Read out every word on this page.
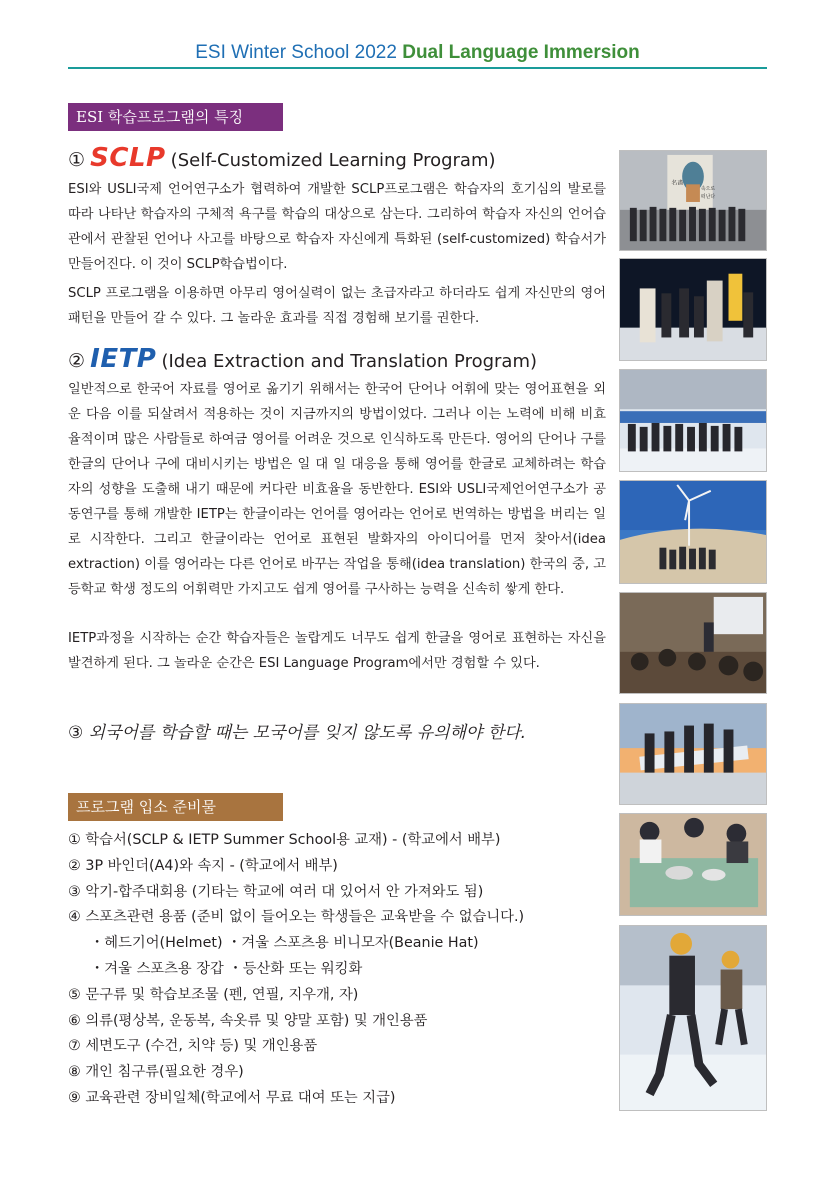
ESI Winter School 2022 Dual Language Immersion
ESI 학습프로그램의 특징
① SCLP (Self-Customized Learning Program)

ESI와 USLI국제 언어연구소가 협력하여 개발한 SCLP프로그램은 학습자의 호기심의 발로를 따라 나타난 학습자의 구체적 욕구를 학습의 대상으로 삼는다. 그리하여 학습자 자신의 언어습관에서 관찰된 언어나 사고를 바탕으로 학습자 자신에게 특화된 (self-customized) 학습서가 만들어진다. 이 것이 SCLP학습법이다.

SCLP 프로그램을 이용하면 아무리 영어실력이 없는 초급자라고 하더라도 쉽게 자신만의 영어패턴을 만들어 갈 수 있다. 그 놀라운 효과를 직접 경험해 보기를 권한다.

② IETP (Idea Extraction and Translation Program)

일반적으로 한국어 자료를 영어로 옮기기 위해서는 한국어 단어나 어휘에 맞는 영어표현을 외운 다음 이를 되살려서 적용하는 것이 지금까지의 방법이었다. 그러나 이는 노력에 비해 비효율적이며 많은 사람들로 하여금 영어를 어려운 것으로 인식하도록 만든다. 영어의 단어나 구를 한글의 단어나 구에 대비시키는 방법은 일 대 일 대응을 통해 영어를 한글로 교체하려는 학습자의 성향을 도출해 내기 때문에 커다란 비효율을 동반한다. ESI와 USLI국제언어연구소가 공동연구를 통해 개발한 IETP는 한글이라는 언어를 영어라는 언어로 번역하는 방법을 버리는 일로 시작한다. 그리고 한글이라는 언어로 표현된 발화자의 아이디어를 먼저 찾아서(idea extraction) 이를 영어라는 다른 언어로 바꾸는 작업을 통해(idea translation) 한국의 중, 고등학교 학생 정도의 어휘력만 가지고도 쉽게 영어를 구사하는 능력을 신속히 쌓게 한다.

IETP과정을 시작하는 순간 학습자들은 놀랍게도 너무도 쉽게 한글을 영어로 표현하는 자신을 발견하게 된다. 그 놀라운 순간은 ESI Language Program에서만 경험할 수 있다.

③ 외국어를 학습할 때는 모국어를 잊지 않도록 유의해야 한다.
프로그램 입소 준비물
① 학습서(SCLP & IETP Summer School용 교재) - (학교에서 배부)
② 3P 바인더(A4)와 속지 - (학교에서 배부)
③ 악기-합주대회용 (기타는 학교에 여러 대 있어서 안 가져와도 됨)
④ 스포츠관련 용품 (준비 없이 들어오는 학생들은 교육받을 수 없습니다.)
・헤드기어(Helmet) ・겨울 스포츠용 비니모자(Beanie Hat)
・겨울 스포츠용 장갑 ・등산화 또는 워킹화
⑤ 문구류 및 학습보조물 (펜, 연필, 지우개, 자)
⑥ 의류(평상복, 운동복, 속옷류 및 양말 포함) 및 개인용품
⑦ 세면도구 (수건, 치약 등) 및 개인용품
⑧ 개인 침구류(필요한 경우)
⑨ 교육관련 장비일체(학교에서 무료 대여 또는 지급)
名畵
속으로
떠난다
